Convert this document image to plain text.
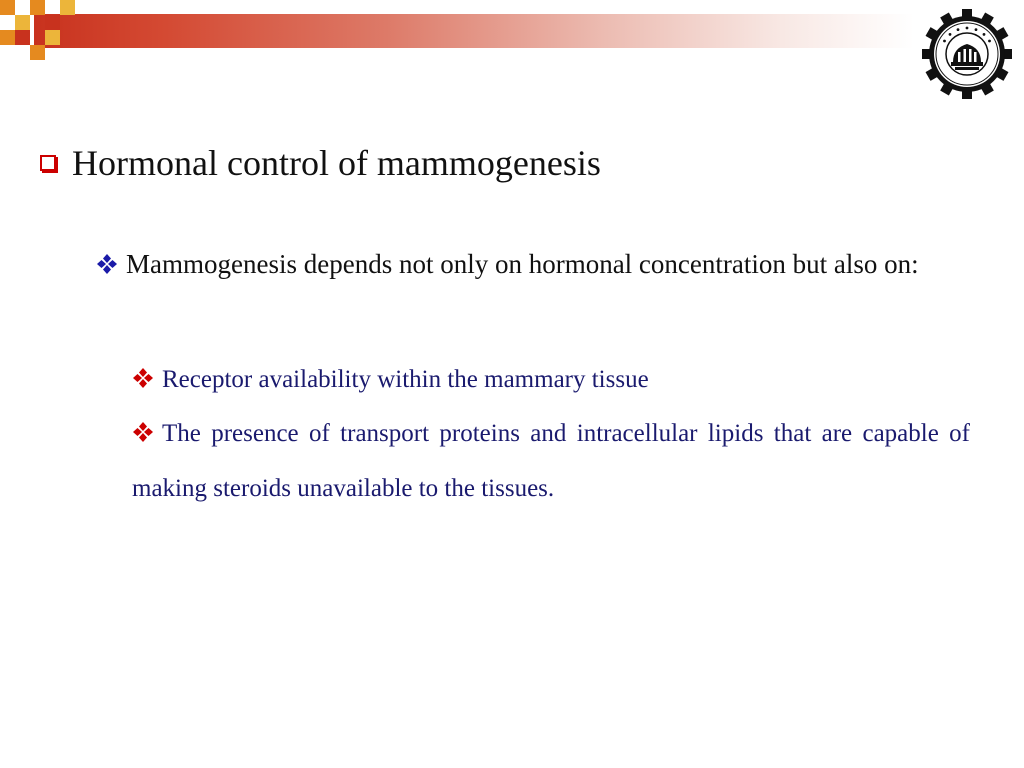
Hormonal control of mammogenesis
Mammogenesis depends not only on hormonal concentration but also on:
Receptor availability within the mammary tissue
The presence of transport proteins and intracellular lipids that are capable of making steroids unavailable to the tissues.
